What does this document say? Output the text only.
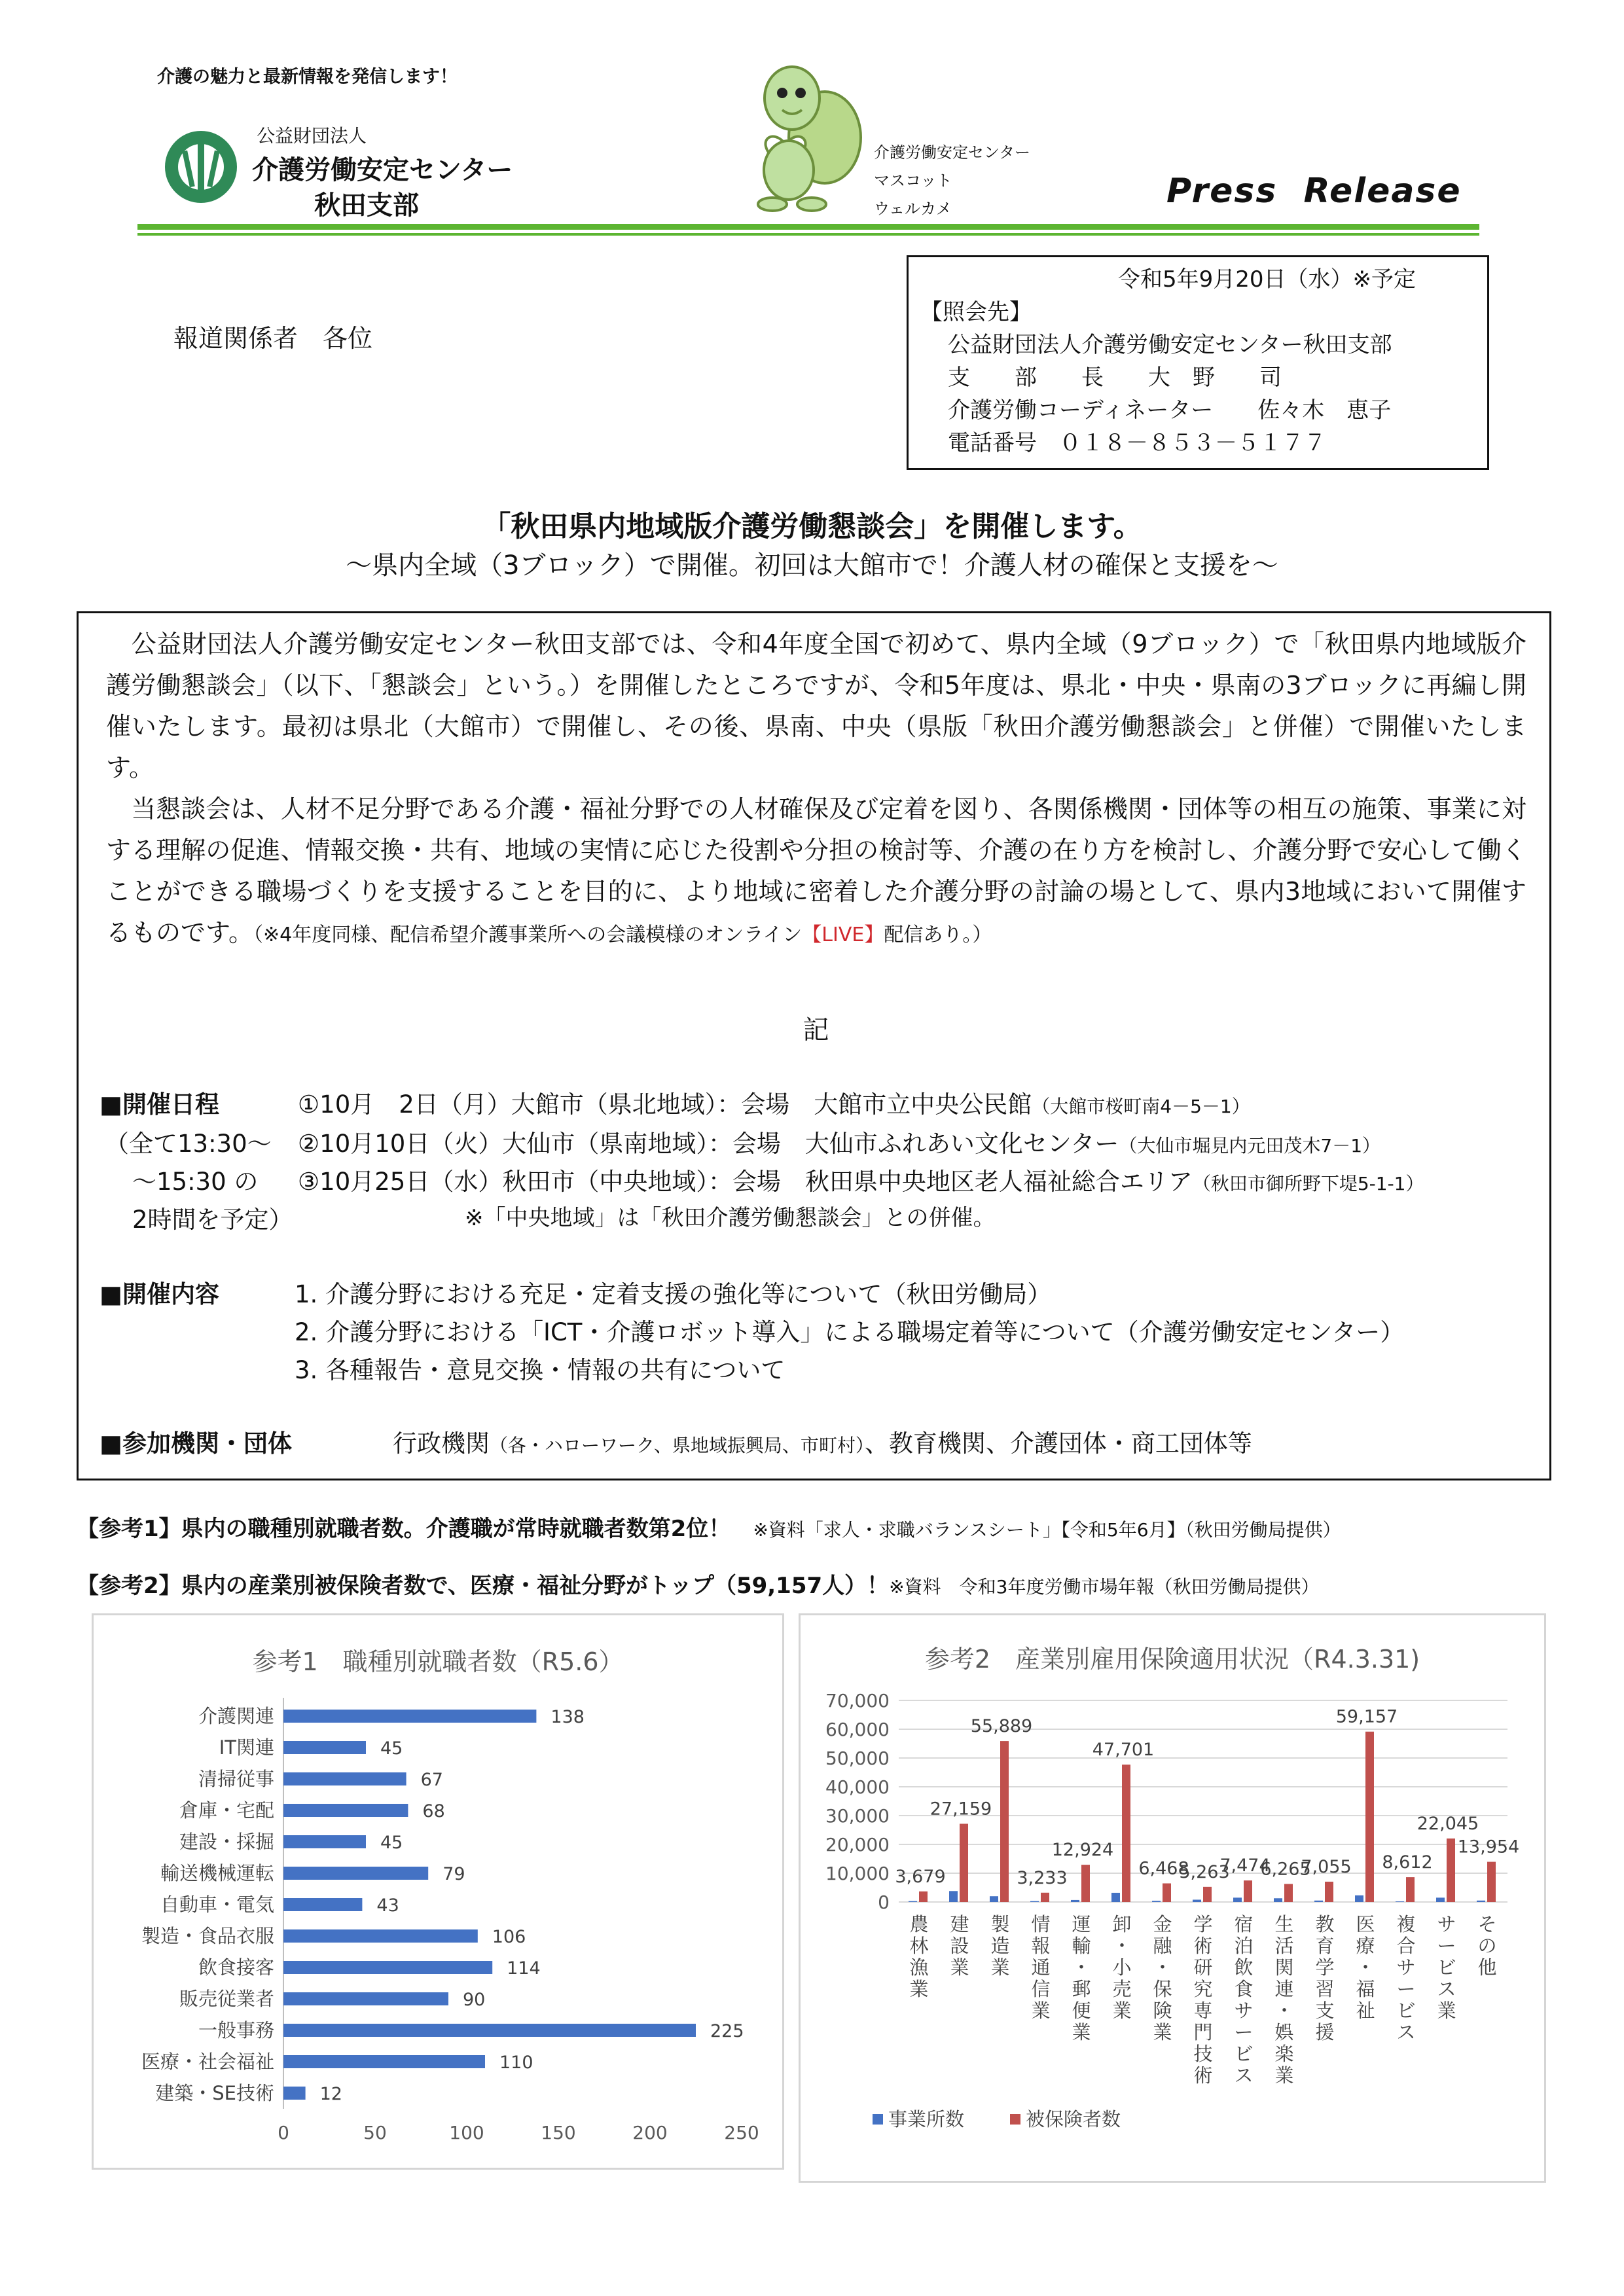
介護の魅力と最新情報を発信します！
公益財団法人
介護労働安定センター
秋田支部
介護労働安定センター
マスコット
ウェルカメ	Press  Release
報道関係者　各位
令和5年9月20日（水）※予定
【照会先】
公益財団法人介護労働安定センター秋田支部
支　　部　　長　　大　野　　司
介護労働コーディネーター　　佐々木　恵子
電話番号　０１８－８５３－５１７７
「秋田県内地域版介護労働懇談会」を開催します。
～県内全域（3ブロック）で開催。初回は大館市で！介護人材の確保と支援を～
　公益財団法人介護労働安定センター秋田支部では、令和4年度全国で初めて、県内全域（9ブロック）で「秋田県内地域版介護労働懇談会」（以下、「懇談会」という。）を開催したところですが、令和5年度は、県北・中央・県南の3ブロックに再編し開催いたします。最初は県北（大館市）で開催し、その後、県南、中央（県版「秋田介護労働懇談会」と併催）で開催いたします。
　当懇談会は、人材不足分野である介護・福祉分野での人材確保及び定着を図り、各関係機関・団体等の相互の施策、事業に対する理解の促進、情報交換・共有、地域の実情に応じた役割や分担の検討等、介護の在り方を検討し、介護分野で安心して働くことができる職場づくりを支援することを目的に、より地域に密着した介護分野の討論の場として、県内3地域において開催するものです。（※4年度同様、配信希望介護事業所への会議模様のオンライン【LIVE】配信あり。）
記
■開催日程	①10月　2日（月）大館市（県北地域）：会場　大館市立中央公民館（大館市桜町南4－5－1）
（全て13:30～ ②10月10日（火）大仙市（県南地域）：会場　大仙市ふれあい文化センター（大仙市堀見内元田茂木7－1）
～15:30 の ③10月25日（水）秋田市（中央地域）：会場　秋田県中央地区老人福祉総合エリア（秋田市御所野下堤5-1-1）
2時間を予定）	※「中央地域」は「秋田介護労働懇談会」との併催。
■開催内容	1. 介護分野における充足・定着支援の強化等について（秋田労働局）
2. 介護分野における「ICT・介護ロボット導入」による職場定着等について（介護労働安定センター）
3. 各種報告・意見交換・情報の共有について
■参加機関・団体	行政機関（各・ハローワーク、県地域振興局、市町村）、教育機関、介護団体・商工団体等
【参考1】県内の職種別就職者数。介護職が常時就職者数第2位！　 ※資料「求人・求職バランスシート」【令和5年6月】（秋田労働局提供）
【参考2】県内の産業別被保険者数で、医療・福祉分野がトップ（59,157人）！※資料　令和3年度労働市場年報（秋田労働局提供）
参考1　職種別就職者数（R5.6）
介護関連	138
IT関連	45
清掃従事	67
倉庫・宅配	68
建設・採掘	45
輸送機械運転	79
自動車・電気	43
製造・食品衣服	106
飲食接客	114
販売従業者	90
一般事務	225
医療・社会福祉	110
建築・SE技術	12
0	50	100	150	200	250
参考2　産業別雇用保険適用状況（R4.3.31)
0
10,000
20,000
30,000
40,000
50,000
60,000
70,000
3,679
農林漁業
27,159
建設業
55,889
製造業
3,233
情報通信業
12,924
運輸・郵便業
47,701
卸・小売業
6,468
金融・保険業
5,263
学術研究専門技術
7,474
宿泊飲食サービス
6,265
生活関連・娯楽業
7,055
教育学習支援
59,157
医療・福祉
8,612
複合サービス
22,045
サービス業
13,954
その他
事業所数	被保険者数
